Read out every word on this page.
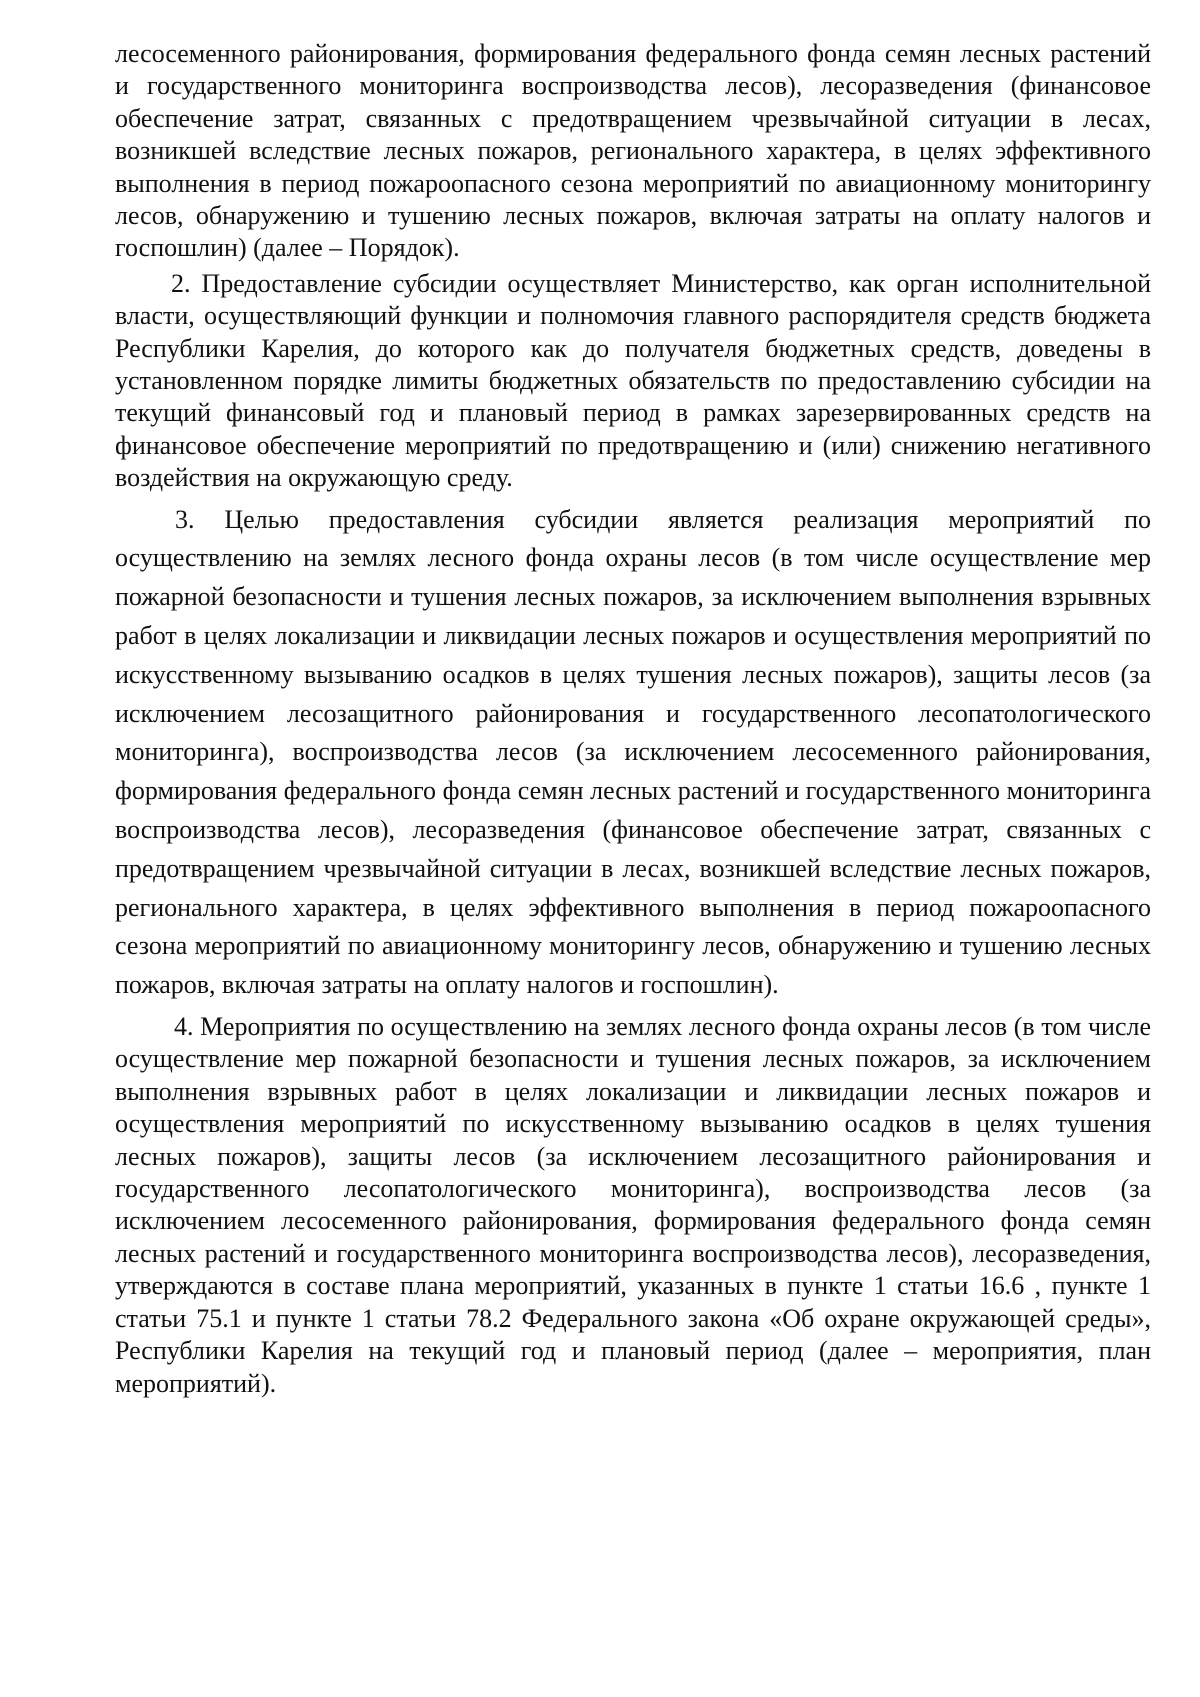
лесосеменного районирования, формирования федерального фонда семян лесных растений и государственного мониторинга воспроизводства лесов), лесоразведения (финансовое обеспечение затрат, связанных с предотвращением чрезвычайной ситуации в лесах, возникшей вследствие лесных пожаров, регионального характера, в целях эффективного выполнения в период пожароопасного сезона мероприятий по авиационному мониторингу лесов, обнаружению и тушению лесных пожаров, включая затраты на оплату налогов и госпошлин) (далее – Порядок).

2. Предоставление субсидии осуществляет Министерство, как орган исполнительной власти, осуществляющий функции и полномочия главного распорядителя средств бюджета Республики Карелия, до которого как до получателя бюджетных средств, доведены в установленном порядке лимиты бюджетных обязательств по предоставлению субсидии на текущий финансовый год и плановый период в рамках зарезервированных средств на финансовое обеспечение мероприятий по предотвращению и (или) снижению негативного воздействия на окружающую среду.

3. Целью предоставления субсидии является реализация мероприятий по осуществлению на землях лесного фонда охраны лесов (в том числе осуществление мер пожарной безопасности и тушения лесных пожаров, за исключением выполнения взрывных работ в целях локализации и ликвидации лесных пожаров и осуществления мероприятий по искусственному вызыванию осадков в целях тушения лесных пожаров), защиты лесов (за исключением лесозащитного районирования и государственного лесопатологического мониторинга), воспроизводства лесов (за исключением лесосеменного районирования, формирования федерального фонда семян лесных растений и государственного мониторинга воспроизводства лесов), лесоразведения (финансовое обеспечение затрат, связанных с предотвращением чрезвычайной ситуации в лесах, возникшей вследствие лесных пожаров, регионального характера, в целях эффективного выполнения в период пожароопасного сезона мероприятий по авиационному мониторингу лесов, обнаружению и тушению лесных пожаров, включая затраты на оплату налогов и госпошлин).

4. Мероприятия по осуществлению на землях лесного фонда охраны лесов (в том числе осуществление мер пожарной безопасности и тушения лесных пожаров, за исключением выполнения взрывных работ в целях локализации и ликвидации лесных пожаров и осуществления мероприятий по искусственному вызыванию осадков в целях тушения лесных пожаров), защиты лесов (за исключением лесозащитного районирования и государственного лесопатологического мониторинга), воспроизводства лесов (за исключением лесосеменного районирования, формирования федерального фонда семян лесных растений и государственного мониторинга воспроизводства лесов), лесоразведения, утверждаются в составе плана мероприятий, указанных в пункте 1 статьи 16.6 , пункте 1 статьи 75.1 и пункте 1 статьи 78.2 Федерального закона «Об охране окружающей среды», Республики Карелия на текущий год и плановый период (далее – мероприятия, план мероприятий).
